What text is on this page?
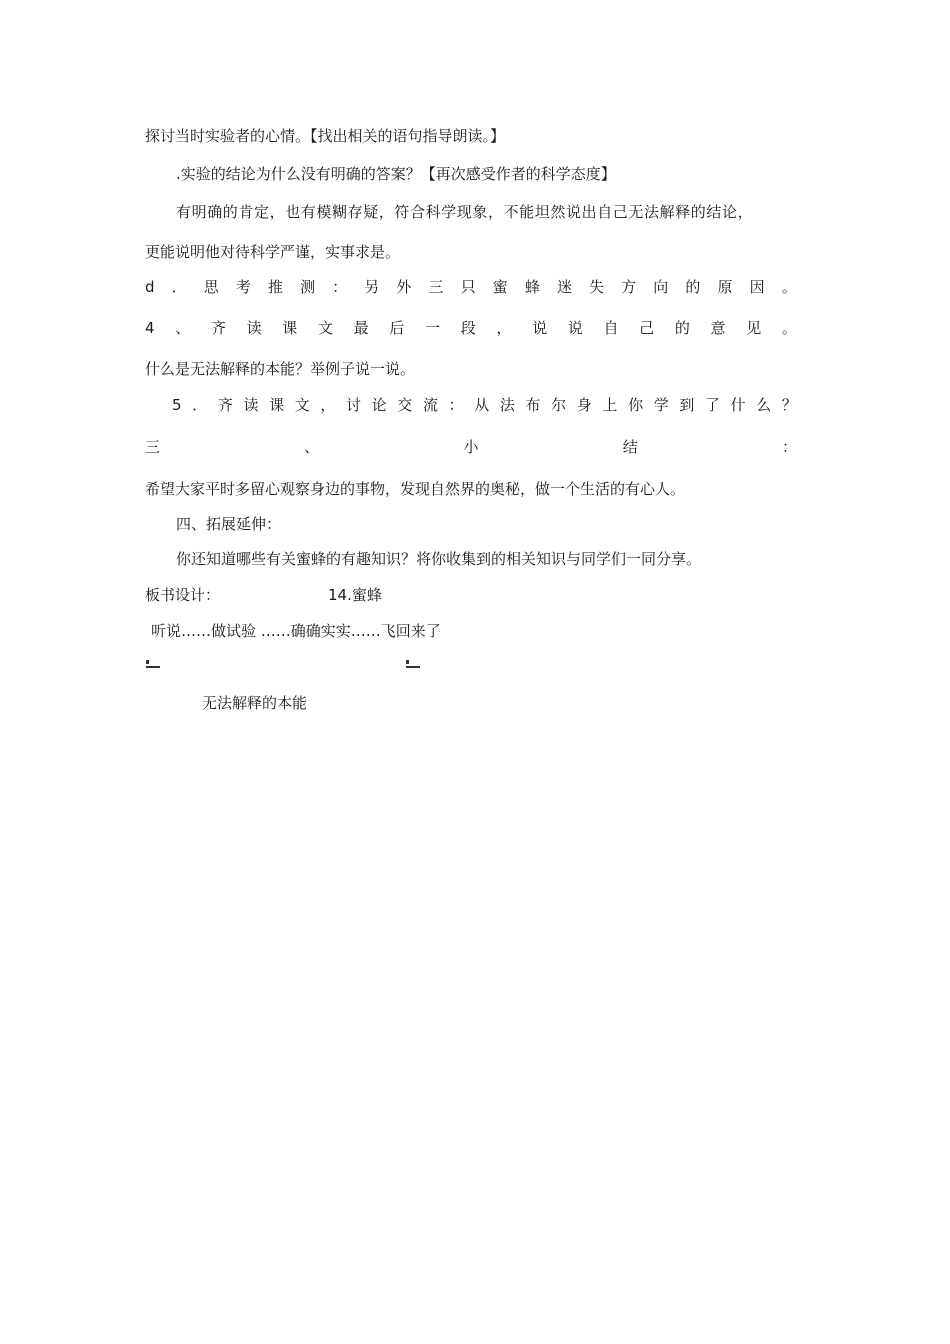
探讨当时实验者的心情。【找出相关的语句指导朗读。】
.实验的结论为什么没有明确的答案？【再次感受作者的科学态度】
有明确的肯定，也有模糊存疑，符合科学现象，不能坦然说出自己无法解释的结论，
更能说明他对待科学严谨，实事求是。
d ． 思 考 推 测 ： 另 外 三 只 蜜 蜂 迷 失 方 向 的 原 因 。
4 、 齐 读 课 文 最 后 一 段 ， 说 说 自 己 的 意 见 。
什么是无法解释的本能？举例子说一说。
5 ． 齐 读 课 文 ， 讨 论 交 流 ： 从 法 布 尔 身 上 你 学 到 了 什 么 ？
三	、	小	结	：
希望大家平时多留心观察身边的事物，发现自然界的奥秘，做一个生活的有心人。
四、拓展延伸：
你还知道哪些有关蜜蜂的有趣知识？将你收集到的相关知识与同学们一同分享。
板书设计：	14.蜜蜂
听说……做试验 ……确确实实……飞回来了
无法解释的本能
